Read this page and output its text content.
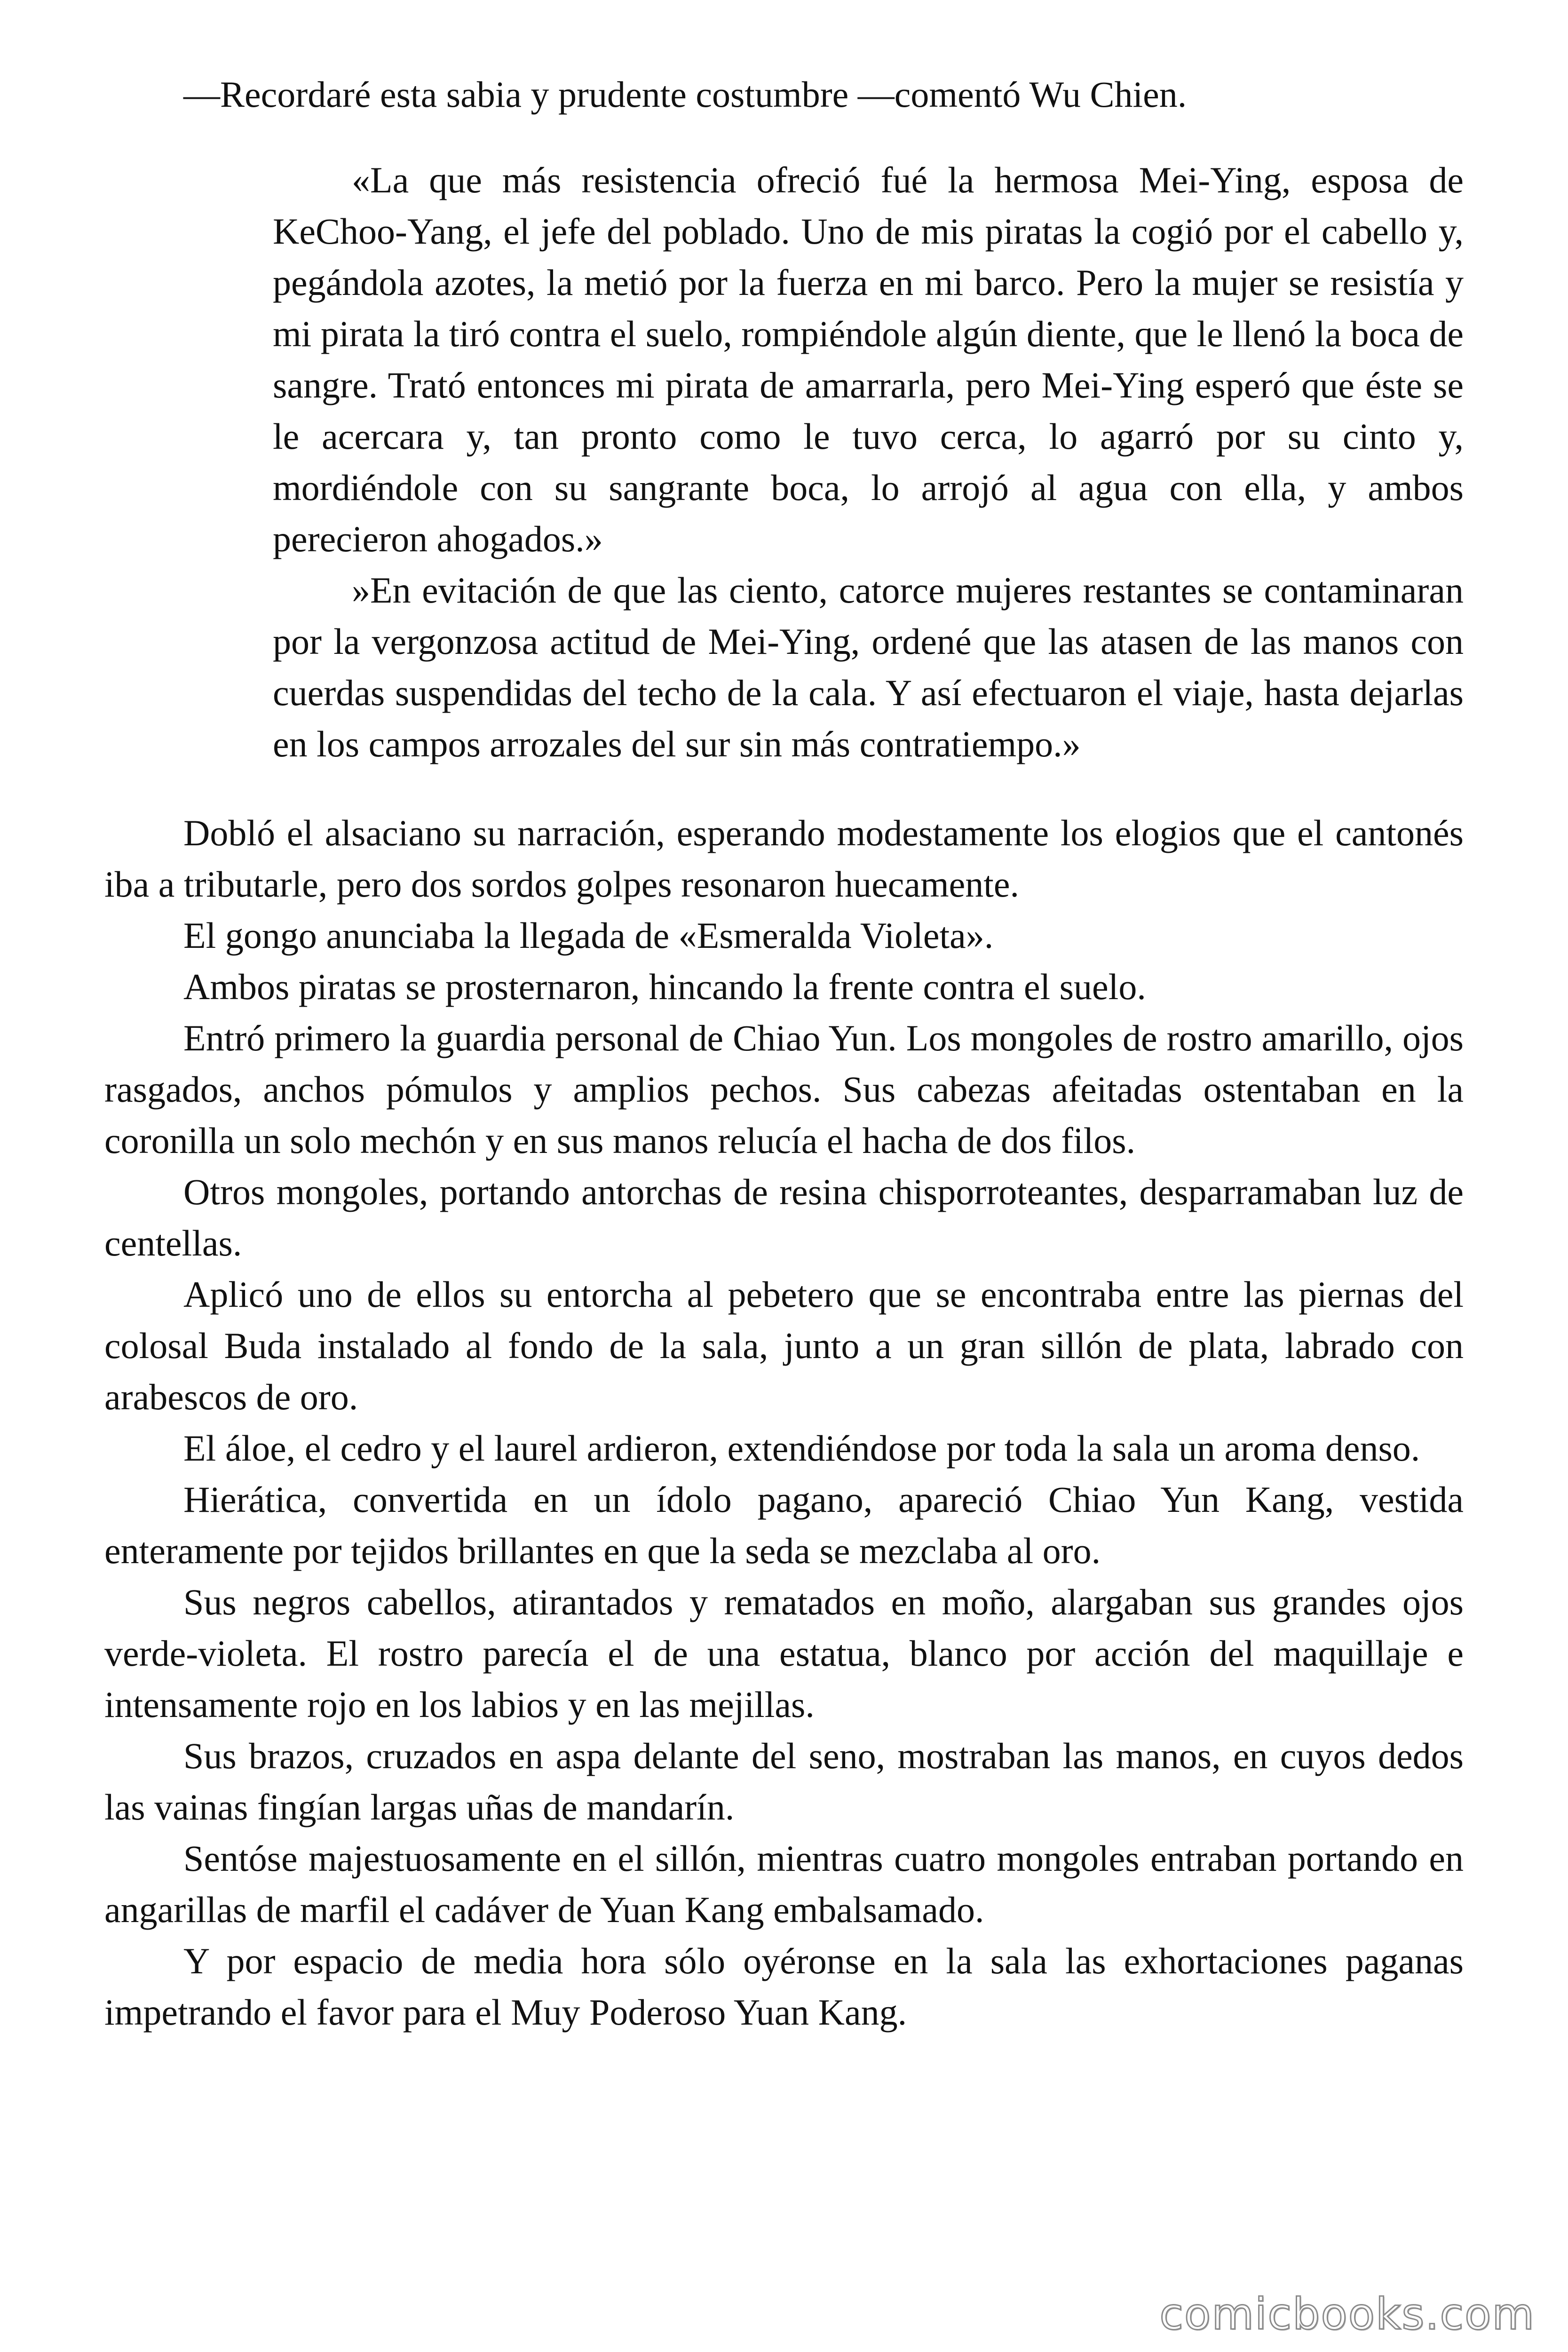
—Recordaré esta sabia y prudente costumbre —comentó Wu Chien.

«La que más resistencia ofreció fué la hermosa Mei-Ying, esposa de KeChoo-Yang, el jefe del poblado. Uno de mis piratas la cogió por el cabello y, pegándola azotes, la metió por la fuerza en mi barco. Pero la mujer se resistía y mi pirata la tiró contra el suelo, rompiéndole algún diente, que le llenó la boca de sangre. Trató entonces mi pirata de amarrarla, pero Mei-Ying esperó que éste se le acercara y, tan pronto como le tuvo cerca, lo agarró por su cinto y, mordiéndole con su sangrante boca, lo arrojó al agua con ella, y ambos perecieron ahogados.»

»En evitación de que las ciento, catorce mujeres restantes se contaminaran por la vergonzosa actitud de Mei-Ying, ordené que las atasen de las manos con cuerdas suspendidas del techo de la cala. Y así efectuaron el viaje, hasta dejarlas en los campos arrozales del sur sin más contratiempo.»

Dobló el alsaciano su narración, esperando modestamente los elogios que el cantonés iba a tributarle, pero dos sordos golpes resonaron huecamente.

El gongo anunciaba la llegada de «Esmeralda Violeta».

Ambos piratas se prosternaron, hincando la frente contra el suelo.

Entró primero la guardia personal de Chiao Yun. Los mongoles de rostro amarillo, ojos rasgados, anchos pómulos y amplios pechos. Sus cabezas afeitadas ostentaban en la coronilla un solo mechón y en sus manos relucía el hacha de dos filos.

Otros mongoles, portando antorchas de resina chisporroteantes, desparramaban luz de centellas.

Aplicó uno de ellos su entorcha al pebetero que se encontraba entre las piernas del colosal Buda instalado al fondo de la sala, junto a un gran sillón de plata, labrado con arabescos de oro.

El áloe, el cedro y el laurel ardieron, extendiéndose por toda la sala un aroma denso.

Hierática, convertida en un ídolo pagano, apareció Chiao Yun Kang, vestida enteramente por tejidos brillantes en que la seda se mezclaba al oro.

Sus negros cabellos, atirantados y rematados en moño, alargaban sus grandes ojos verde-violeta. El rostro parecía el de una estatua, blanco por acción del maquillaje e intensamente rojo en los labios y en las mejillas.

Sus brazos, cruzados en aspa delante del seno, mostraban las manos, en cuyos dedos las vainas fingían largas uñas de mandarín.

Sentóse majestuosamente en el sillón, mientras cuatro mongoles entraban portando en angarillas de marfil el cadáver de Yuan Kang embalsamado.

Y por espacio de media hora sólo oyéronse en la sala las exhortaciones paganas impetrando el favor para el Muy Poderoso Yuan Kang.

comicbooks.com
